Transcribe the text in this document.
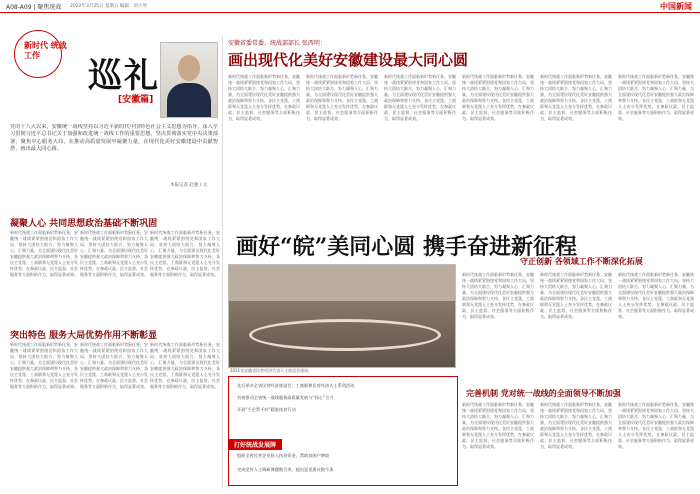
A08-A09 | 聚焦统战 2022年3月25日 星期五 编辑：刘小琴	中国新闻
新时代 统战工作
巡礼
[安徽篇]
党的十八大以来，安徽统一战线坚持以习近平新时代中国特色社会主义思想为指导，深入学习贯彻习近平总书记关于加强和改进统一战线工作的重要思想，坚决贯彻落实党中央决策部署，聚焦中心服务大局，在推动高质量发展中凝聚力量，在现代化美好安徽建设中贡献智慧，画出最大同心圆。
本报记者 赵强 / 文
安徽省委常委、统战部部长 张西明：
画出现代化美好安徽建设最大同心圆
新时代统战工作面临新形势新任务，安徽统一战线紧紧围绕党和国家工作大局，坚持大团结大联合，努力凝聚人心、汇聚力量，为全面建设现代化美好安徽提供强大政治保障和智力支持。各民主党派、工商联和无党派人士充分发挥优势，在参政议政、民主监督、社会服务等方面积极作为，取得显著成效。
新时代统战工作面临新形势新任务，安徽统一战线紧紧围绕党和国家工作大局，坚持大团结大联合，努力凝聚人心、汇聚力量，为全面建设现代化美好安徽提供强大政治保障和智力支持。各民主党派、工商联和无党派人士充分发挥优势，在参政议政、民主监督、社会服务等方面积极作为，取得显著成效。
新时代统战工作面临新形势新任务，安徽统一战线紧紧围绕党和国家工作大局，坚持大团结大联合，努力凝聚人心、汇聚力量，为全面建设现代化美好安徽提供强大政治保障和智力支持。各民主党派、工商联和无党派人士充分发挥优势，在参政议政、民主监督、社会服务等方面积极作为，取得显著成效。
新时代统战工作面临新形势新任务，安徽统一战线紧紧围绕党和国家工作大局，坚持大团结大联合，努力凝聚人心、汇聚力量，为全面建设现代化美好安徽提供强大政治保障和智力支持。各民主党派、工商联和无党派人士充分发挥优势，在参政议政、民主监督、社会服务等方面积极作为，取得显著成效。
新时代统战工作面临新形势新任务，安徽统一战线紧紧围绕党和国家工作大局，坚持大团结大联合，努力凝聚人心、汇聚力量，为全面建设现代化美好安徽提供强大政治保障和智力支持。各民主党派、工商联和无党派人士充分发挥优势，在参政议政、民主监督、社会服务等方面积极作为，取得显著成效。
新时代统战工作面临新形势新任务，安徽统一战线紧紧围绕党和国家工作大局，坚持大团结大联合，努力凝聚人心、汇聚力量，为全面建设现代化美好安徽提供强大政治保障和智力支持。各民主党派、工商联和无党派人士充分发挥优势，在参政议政、民主监督、社会服务等方面积极作为，取得显著成效。
凝聚人心 共同思想政治基础不断巩固
新时代统战工作面临新形势新任务，安徽统一战线紧紧围绕党和国家工作大局，坚持大团结大联合，努力凝聚人心、汇聚力量，为全面建设现代化美好安徽提供强大政治保障和智力支持。各民主党派、工商联和无党派人士充分发挥优势，在参政议政、民主监督、社会服务等方面积极作为，取得显著成效。
新时代统战工作面临新形势新任务，安徽统一战线紧紧围绕党和国家工作大局，坚持大团结大联合，努力凝聚人心、汇聚力量，为全面建设现代化美好安徽提供强大政治保障和智力支持。各民主党派、工商联和无党派人士充分发挥优势，在参政议政、民主监督、社会服务等方面积极作为，取得显著成效。
新时代统战工作面临新形势新任务，安徽统一战线紧紧围绕党和国家工作大局，坚持大团结大联合，努力凝聚人心、汇聚力量，为全面建设现代化美好安徽提供强大政治保障和智力支持。各民主党派、工商联和无党派人士充分发挥优势，在参政议政、民主监督、社会服务等方面积极作为，取得显著成效。
突出特色 服务大局优势作用不断彰显
新时代统战工作面临新形势新任务，安徽统一战线紧紧围绕党和国家工作大局，坚持大团结大联合，努力凝聚人心、汇聚力量，为全面建设现代化美好安徽提供强大政治保障和智力支持。各民主党派、工商联和无党派人士充分发挥优势，在参政议政、民主监督、社会服务等方面积极作为，取得显著成效。
新时代统战工作面临新形势新任务，安徽统一战线紧紧围绕党和国家工作大局，坚持大团结大联合，努力凝聚人心、汇聚力量，为全面建设现代化美好安徽提供强大政治保障和智力支持。各民主党派、工商联和无党派人士充分发挥优势，在参政议政、民主监督、社会服务等方面积极作为，取得显著成效。
新时代统战工作面临新形势新任务，安徽统一战线紧紧围绕党和国家工作大局，坚持大团结大联合，努力凝聚人心、汇聚力量，为全面建设现代化美好安徽提供强大政治保障和智力支持。各民主党派、工商联和无党派人士充分发挥优势，在参政议政、民主监督、社会服务等方面积极作为，取得显著成效。
画好“皖”美同心圆 携手奋进新征程
守正创新 各领域工作不断深化拓展
2021年安徽省民营经济代表人士座谈会现场。
新时代统战工作面临新形势新任务，安徽统一战线紧紧围绕党和国家工作大局，坚持大团结大联合，努力凝聚人心、汇聚力量，为全面建设现代化美好安徽提供强大政治保障和智力支持。各民主党派、工商联和无党派人士充分发挥优势，在参政议政、民主监督、社会服务等方面积极作为，取得显著成效。
新时代统战工作面临新形势新任务，安徽统一战线紧紧围绕党和国家工作大局，坚持大团结大联合，努力凝聚人心、汇聚力量，为全面建设现代化美好安徽提供强大政治保障和智力支持。各民主党派、工商联和无党派人士充分发挥优势，在参政议政、民主监督、社会服务等方面积极作为，取得显著成效。
新时代统战工作面临新形势新任务，安徽统一战线紧紧围绕党和国家工作大局，坚持大团结大联合，努力凝聚人心、汇聚力量，为全面建设现代化美好安徽提供强大政治保障和智力支持。各民主党派、工商联和无党派人士充分发挥优势，在参政议政、民主监督、社会服务等方面积极作为，取得显著成效。
打好统战发展牌
先后举办全省民营经济座谈会、工商联和民营经济人士系列活动
有效推动全省统一战线服务高质量发展与“同心”合力
开展“千企帮千村”精准扶贫行动
组织全省民营企业投入扶贫资金，帮助贫困户增收
完成党外人士调研课题数百项，提出意见建议数千条
完善机制 党对统一战线的全面领导不断加强
新时代统战工作面临新形势新任务，安徽统一战线紧紧围绕党和国家工作大局，坚持大团结大联合，努力凝聚人心、汇聚力量，为全面建设现代化美好安徽提供强大政治保障和智力支持。各民主党派、工商联和无党派人士充分发挥优势，在参政议政、民主监督、社会服务等方面积极作为，取得显著成效。
新时代统战工作面临新形势新任务，安徽统一战线紧紧围绕党和国家工作大局，坚持大团结大联合，努力凝聚人心、汇聚力量，为全面建设现代化美好安徽提供强大政治保障和智力支持。各民主党派、工商联和无党派人士充分发挥优势，在参政议政、民主监督、社会服务等方面积极作为，取得显著成效。
新时代统战工作面临新形势新任务，安徽统一战线紧紧围绕党和国家工作大局，坚持大团结大联合，努力凝聚人心、汇聚力量，为全面建设现代化美好安徽提供强大政治保障和智力支持。各民主党派、工商联和无党派人士充分发挥优势，在参政议政、民主监督、社会服务等方面积极作为，取得显著成效。
